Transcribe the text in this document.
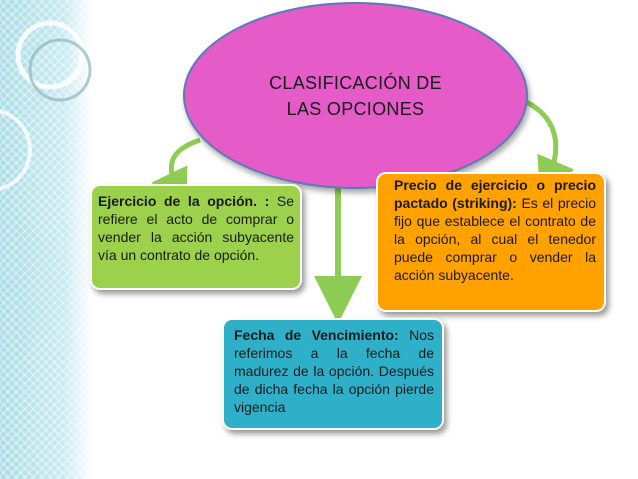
CLASIFICACIÓN DE
LAS OPCIONES
Ejercicio de la opción. : Se refiere el acto de comprar o vender la acción subyacente vía un contrato de opción.
Precio de ejercicio o precio pactado (striking): Es el precio fijo que establece el contrato de la opción, al cual el tenedor puede comprar o vender la acción subyacente.
Fecha de Vencimiento: Nos referimos a la fecha de madurez de la opción. Después de dicha fecha la opción pierde vigencia
